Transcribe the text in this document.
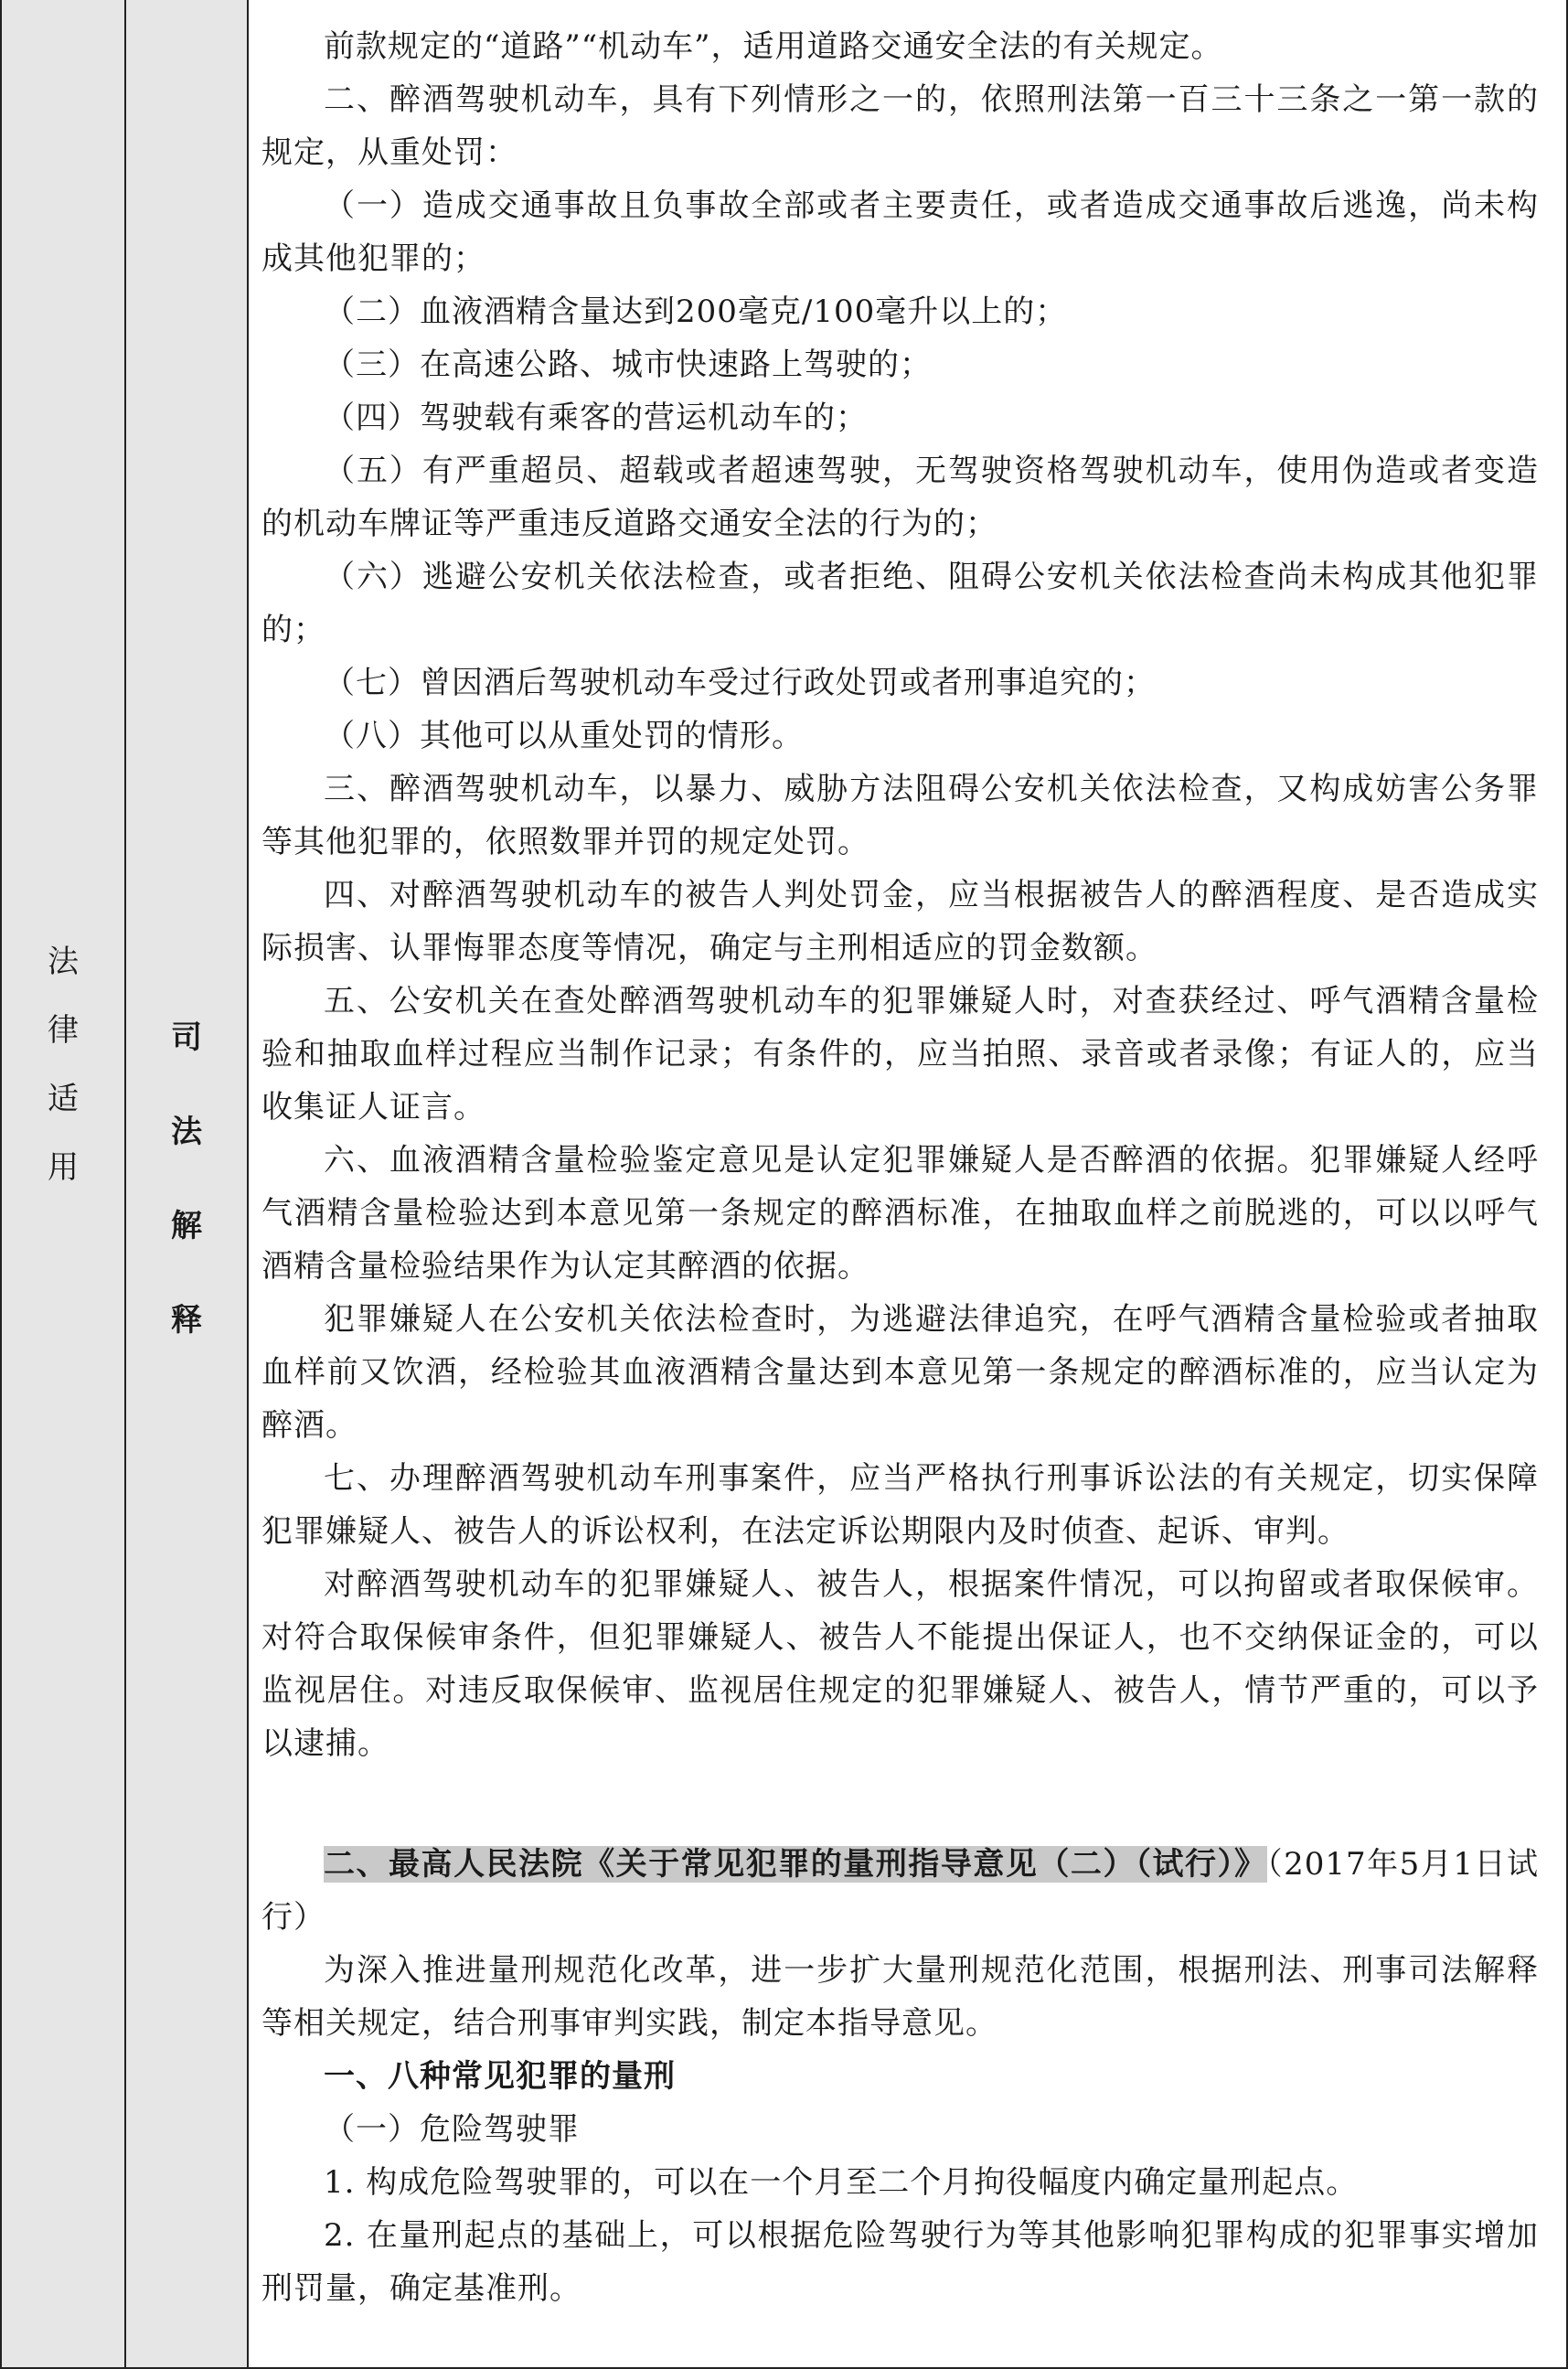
法
律
适
用
司
法
解
释

前款规定的“道路”“机动车”，适用道路交通安全法的有关规定。

二、醉酒驾驶机动车，具有下列情形之一的，依照刑法第一百三十三条之一第一款的规定，从重处罚：

（一）造成交通事故且负事故全部或者主要责任，或者造成交通事故后逃逸，尚未构成其他犯罪的；

（二）血液酒精含量达到200毫克/100毫升以上的；

（三）在高速公路、城市快速路上驾驶的；

（四）驾驶载有乘客的营运机动车的；

（五）有严重超员、超载或者超速驾驶，无驾驶资格驾驶机动车，使用伪造或者变造的机动车牌证等严重违反道路交通安全法的行为的；

（六）逃避公安机关依法检查，或者拒绝、阻碍公安机关依法检查尚未构成其他犯罪的；

（七）曾因酒后驾驶机动车受过行政处罚或者刑事追究的；

（八）其他可以从重处罚的情形。

三、醉酒驾驶机动车，以暴力、威胁方法阻碍公安机关依法检查，又构成妨害公务罪等其他犯罪的，依照数罪并罚的规定处罚。

四、对醉酒驾驶机动车的被告人判处罚金，应当根据被告人的醉酒程度、是否造成实际损害、认罪悔罪态度等情况，确定与主刑相适应的罚金数额。

五、公安机关在查处醉酒驾驶机动车的犯罪嫌疑人时，对查获经过、呼气酒精含量检验和抽取血样过程应当制作记录；有条件的，应当拍照、录音或者录像；有证人的，应当收集证人证言。

六、血液酒精含量检验鉴定意见是认定犯罪嫌疑人是否醉酒的依据。犯罪嫌疑人经呼气酒精含量检验达到本意见第一条规定的醉酒标准，在抽取血样之前脱逃的，可以以呼气酒精含量检验结果作为认定其醉酒的依据。

犯罪嫌疑人在公安机关依法检查时，为逃避法律追究，在呼气酒精含量检验或者抽取血样前又饮酒，经检验其血液酒精含量达到本意见第一条规定的醉酒标准的，应当认定为醉酒。

七、办理醉酒驾驶机动车刑事案件，应当严格执行刑事诉讼法的有关规定，切实保障犯罪嫌疑人、被告人的诉讼权利，在法定诉讼期限内及时侦查、起诉、审判。

对醉酒驾驶机动车的犯罪嫌疑人、被告人，根据案件情况，可以拘留或者取保候审。对符合取保候审条件，但犯罪嫌疑人、被告人不能提出保证人，也不交纳保证金的，可以监视居住。对违反取保候审、监视居住规定的犯罪嫌疑人、被告人，情节严重的，可以予以逮捕。

二、最高人民法院《关于常见犯罪的量刑指导意见（二）（试行）》（2017年5月1日试行）

为深入推进量刑规范化改革，进一步扩大量刑规范化范围，根据刑法、刑事司法解释等相关规定，结合刑事审判实践，制定本指导意见。

一、八种常见犯罪的量刑

（一）危险驾驶罪

1. 构成危险驾驶罪的，可以在一个月至二个月拘役幅度内确定量刑起点。

2. 在量刑起点的基础上，可以根据危险驾驶行为等其他影响犯罪构成的犯罪事实增加刑罚量，确定基准刑。
